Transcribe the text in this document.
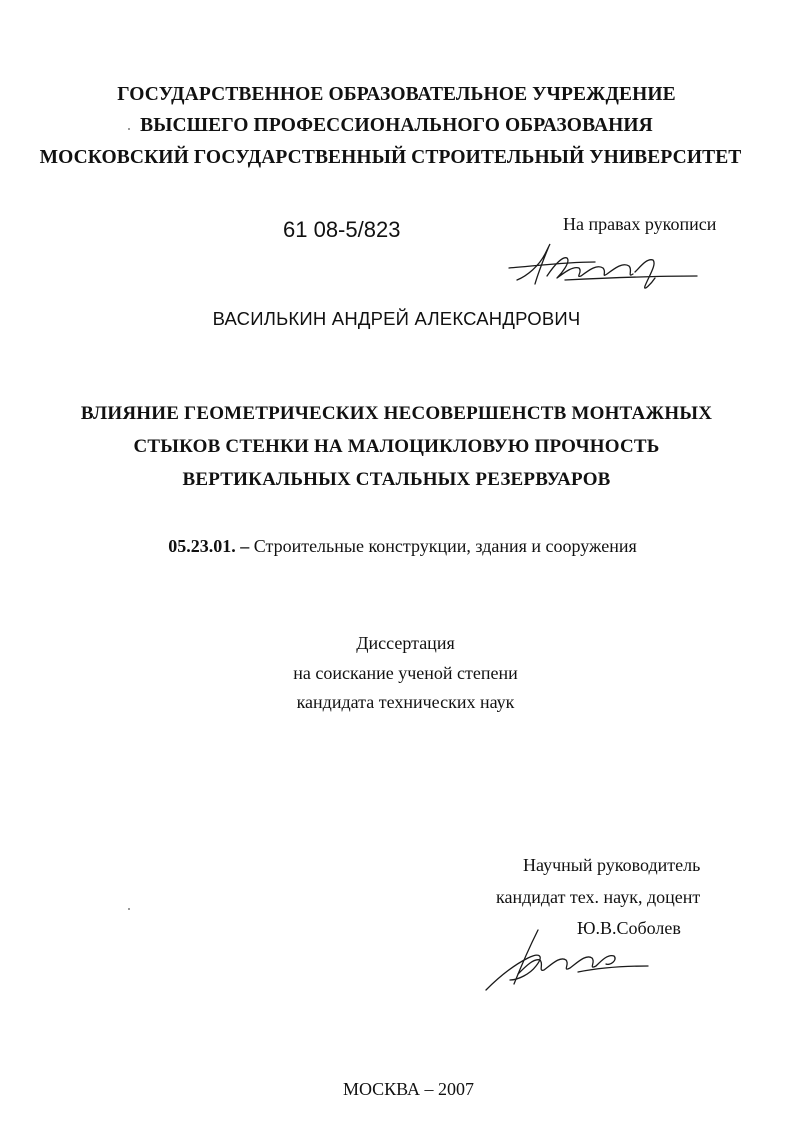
ГОСУДАРСТВЕННОЕ ОБРАЗОВАТЕЛЬНОЕ УЧРЕЖДЕНИЕ
ВЫСШЕГО ПРОФЕССИОНАЛЬНОГО ОБРАЗОВАНИЯ
МОСКОВСКИЙ ГОСУДАРСТВЕННЫЙ СТРОИТЕЛЬНЫЙ УНИВЕРСИТЕТ
61 08-5/823	На правах рукописи
ВАСИЛЬКИН АНДРЕЙ АЛЕКСАНДРОВИЧ
ВЛИЯНИЕ ГЕОМЕТРИЧЕСКИХ НЕСОВЕРШЕНСТВ МОНТАЖНЫХ
СТЫКОВ СТЕНКИ НА МАЛОЦИКЛОВУЮ ПРОЧНОСТЬ
ВЕРТИКАЛЬНЫХ СТАЛЬНЫХ РЕЗЕРВУАРОВ
05.23.01. – Строительные конструкции, здания и сооружения
Диссертация
на соискание ученой степени
кандидата технических наук
Научный руководитель
кандидат тех. наук, доцент
Ю.В.Соболев
МОСКВА – 2007
